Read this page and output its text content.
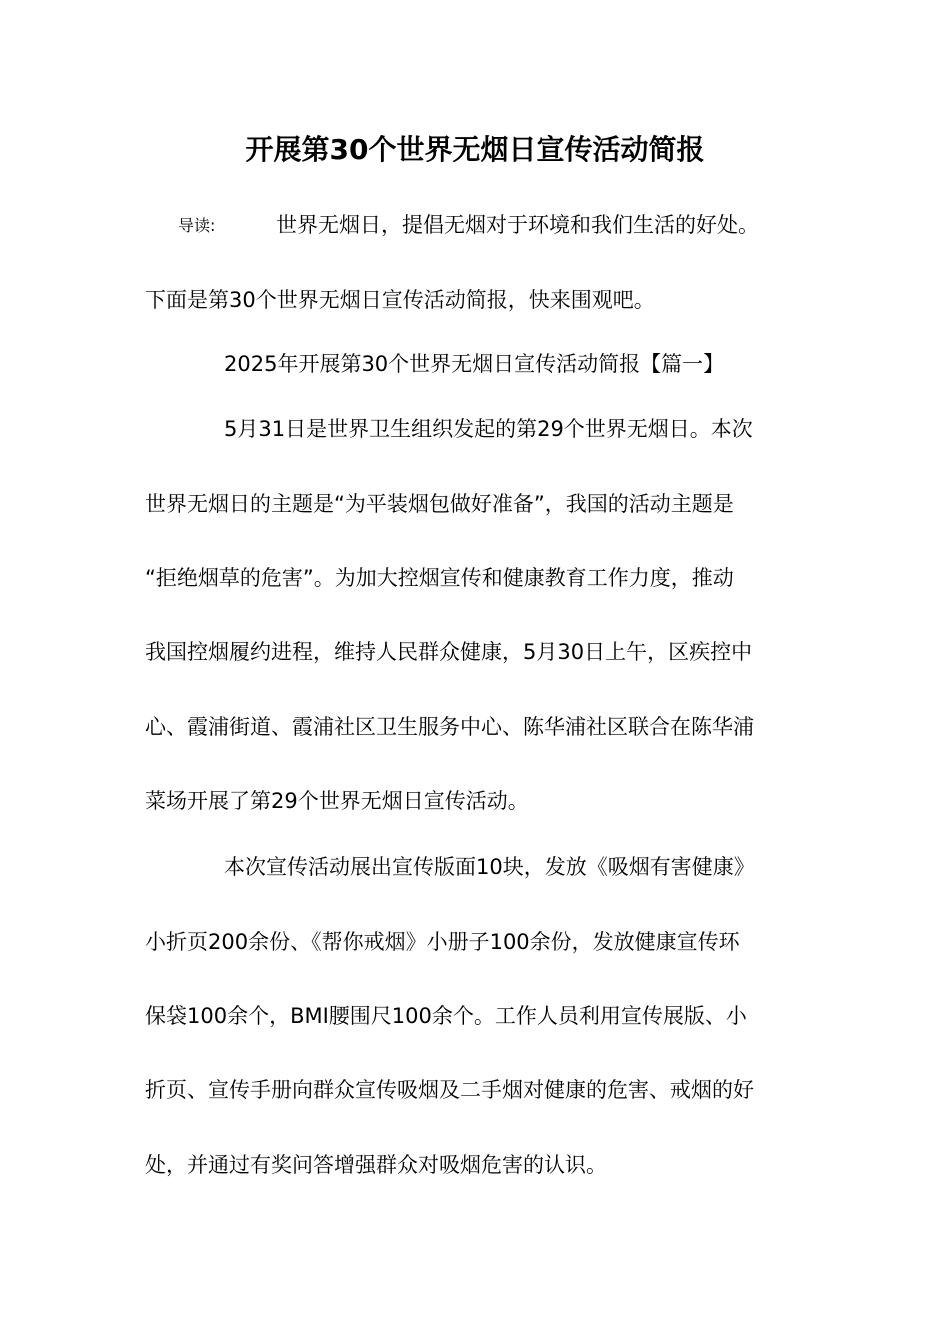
开展第30个世界无烟日宣传活动简报
导读:	世界无烟日，提倡无烟对于环境和我们生活的好处。
下面是第30个世界无烟日宣传活动简报，快来围观吧。
2025年开展第30个世界无烟日宣传活动简报【篇一】
5月31日是世界卫生组织发起的第29个世界无烟日。本次
世界无烟日的主题是“为平装烟包做好准备”，我国的活动主题是
“拒绝烟草的危害”。为加大控烟宣传和健康教育工作力度，推动
我国控烟履约进程，维持人民群众健康，5月30日上午，区疾控中
心、霞浦街道、霞浦社区卫生服务中心、陈华浦社区联合在陈华浦
菜场开展了第29个世界无烟日宣传活动。
本次宣传活动展出宣传版面10块，发放《吸烟有害健康》
小折页200余份、《帮你戒烟》小册子100余份，发放健康宣传环
保袋100余个，BMI腰围尺100余个。工作人员利用宣传展版、小
折页、宣传手册向群众宣传吸烟及二手烟对健康的危害、戒烟的好
处，并通过有奖问答增强群众对吸烟危害的认识。
